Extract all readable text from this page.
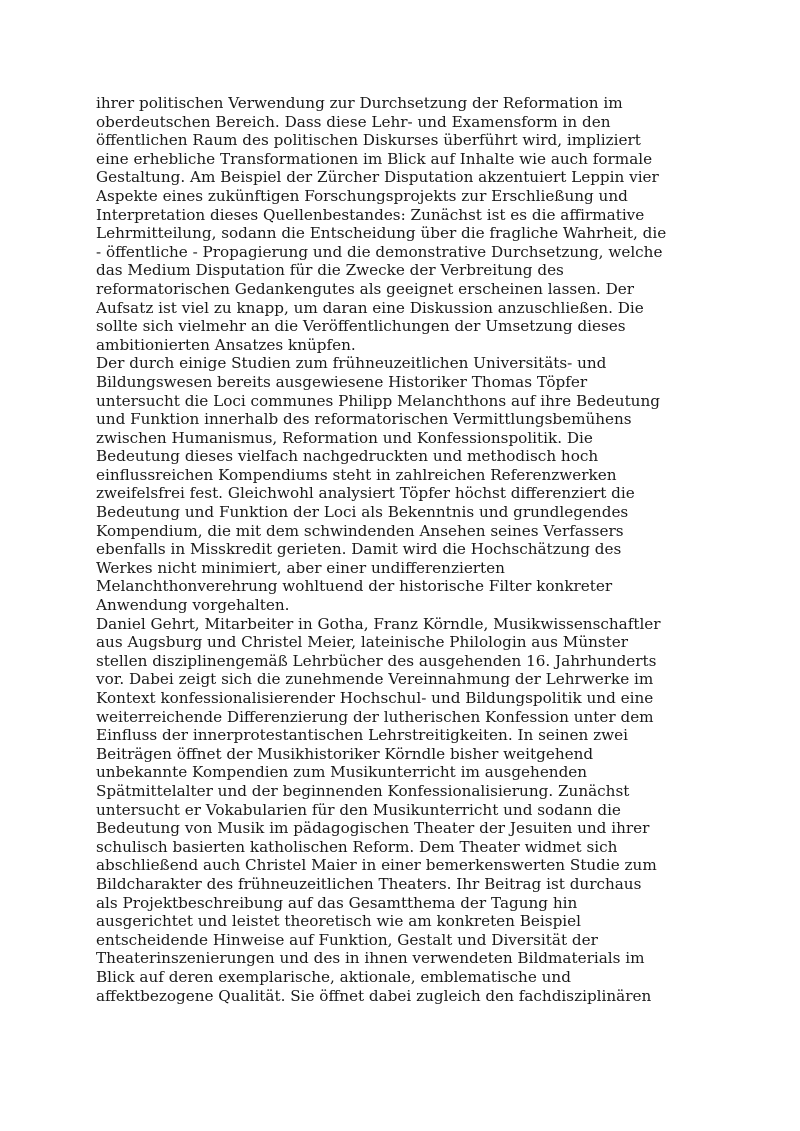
ihrer politischen Verwendung zur Durchsetzung der Reformation im
oberdeutschen Bereich. Dass diese Lehr- und Examensform in den
öffentlichen Raum des politischen Diskurses überführt wird, impliziert
eine erhebliche Transformationen im Blick auf Inhalte wie auch formale
Gestaltung. Am Beispiel der Zürcher Disputation akzentuiert Leppin vier
Aspekte eines zukünftigen Forschungsprojekts zur Erschließung und
Interpretation dieses Quellenbestandes: Zunächst ist es die affirmative
Lehrmitteilung, sodann die Entscheidung über die fragliche Wahrheit, die
- öffentliche - Propagierung und die demonstrative Durchsetzung, welche
das Medium Disputation für die Zwecke der Verbreitung des
reformatorischen Gedankengutes als geeignet erscheinen lassen. Der
Aufsatz ist viel zu knapp, um daran eine Diskussion anzuschließen. Die
sollte sich vielmehr an die Veröffentlichungen der Umsetzung dieses
ambitionierten Ansatzes knüpfen.
Der durch einige Studien zum frühneuzeitlichen Universitäts- und
Bildungswesen bereits ausgewiesene Historiker Thomas Töpfer
untersucht die Loci communes Philipp Melanchthons auf ihre Bedeutung
und Funktion innerhalb des reformatorischen Vermittlungsbemühens
zwischen Humanismus, Reformation und Konfessionspolitik. Die
Bedeutung dieses vielfach nachgedruckten und methodisch hoch
einflussreichen Kompendiums steht in zahlreichen Referenzwerken
zweifelsfrei fest. Gleichwohl analysiert Töpfer höchst differenziert die
Bedeutung und Funktion der Loci als Bekenntnis und grundlegendes
Kompendium, die mit dem schwindenden Ansehen seines Verfassers
ebenfalls in Misskredit gerieten. Damit wird die Hochschätzung des
Werkes nicht minimiert, aber einer undifferenzierten
Melanchthonverehrung wohltuend der historische Filter konkreter
Anwendung vorgehalten.
Daniel Gehrt, Mitarbeiter in Gotha, Franz Körndle, Musikwissenschaftler
aus Augsburg und Christel Meier, lateinische Philologin aus Münster
stellen disziplinengemäß Lehrbücher des ausgehenden 16. Jahrhunderts
vor. Dabei zeigt sich die zunehmende Vereinnahmung der Lehrwerke im
Kontext konfessionalisierender Hochschul- und Bildungspolitik und eine
weiterreichende Differenzierung der lutherischen Konfession unter dem
Einfluss der innerprotestantischen Lehrstreitigkeiten. In seinen zwei
Beiträgen öffnet der Musikhistoriker Körndle bisher weitgehend
unbekannte Kompendien zum Musikunterricht im ausgehenden
Spätmittelalter und der beginnenden Konfessionalisierung. Zunächst
untersucht er Vokabularien für den Musikunterricht und sodann die
Bedeutung von Musik im pädagogischen Theater der Jesuiten und ihrer
schulisch basierten katholischen Reform. Dem Theater widmet sich
abschließend auch Christel Maier in einer bemerkenswerten Studie zum
Bildcharakter des frühneuzeitlichen Theaters. Ihr Beitrag ist durchaus
als Projektbeschreibung auf das Gesamtthema der Tagung hin
ausgerichtet und leistet theoretisch wie am konkreten Beispiel
entscheidende Hinweise auf Funktion, Gestalt und Diversität der
Theaterinszenierungen und des in ihnen verwendeten Bildmaterials im
Blick auf deren exemplarische, aktionale, emblematische und
affektbezogene Qualität. Sie öffnet dabei zugleich den fachdisziplinären
